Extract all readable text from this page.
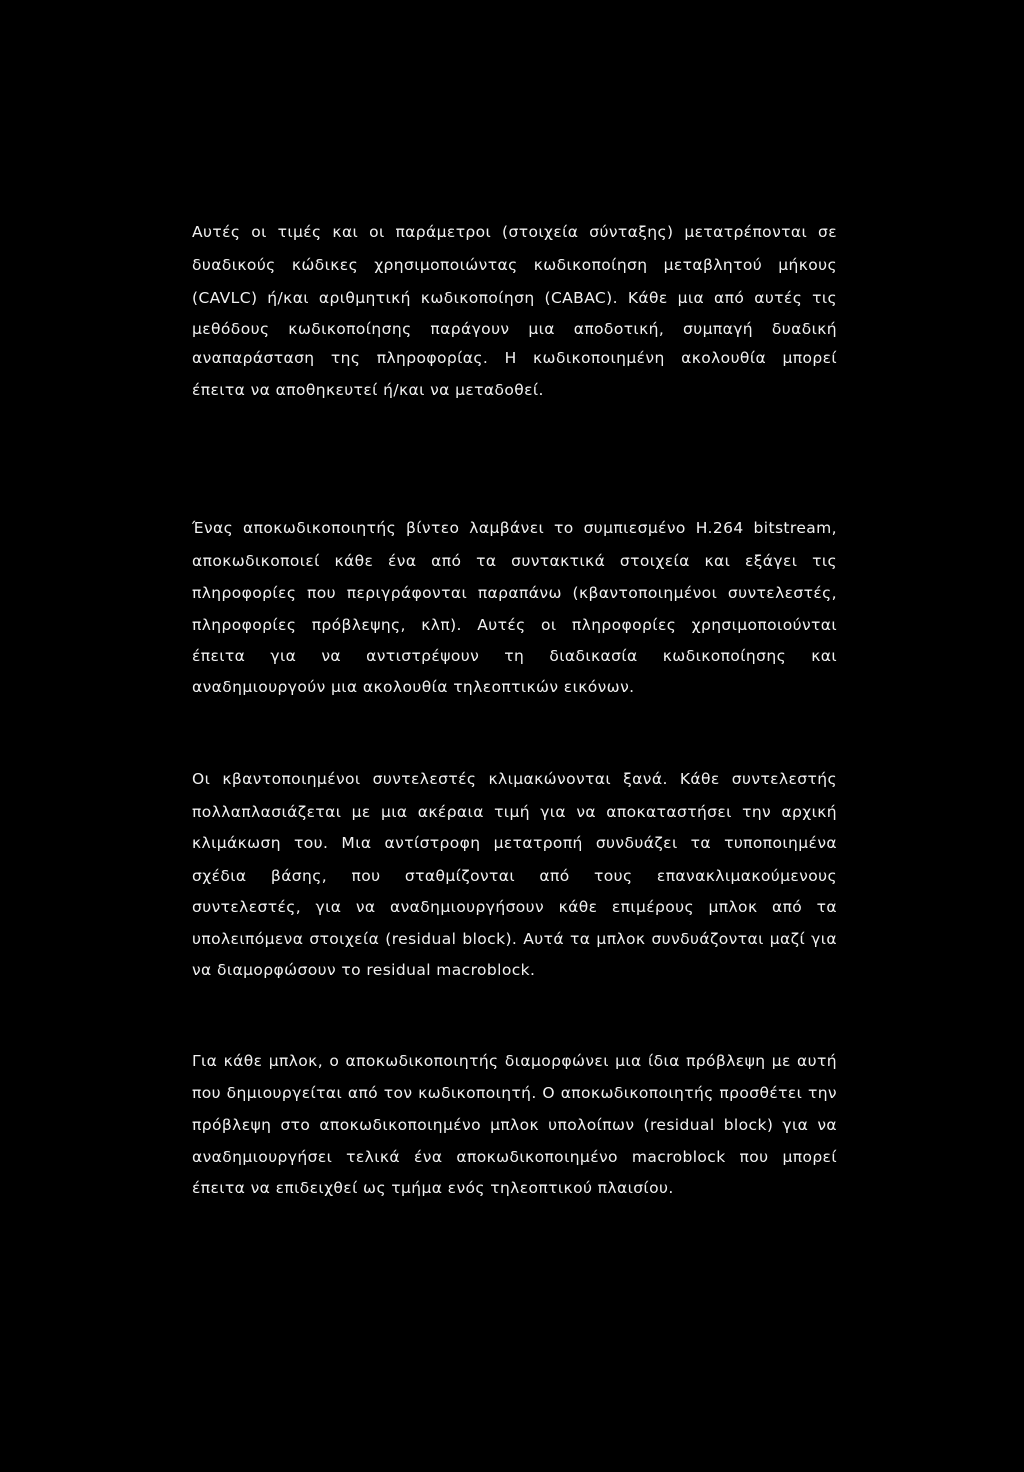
Αυτές οι τιμές και οι παράμετροι (στοιχεία σύνταξης) μετατρέπονται σε
δυαδικούς κώδικες χρησιμοποιώντας κωδικοποίηση μεταβλητού μήκους
(CAVLC) ή/και αριθμητική κωδικοποίηση (CABAC). Κάθε μια από αυτές τις
μεθόδους κωδικοποίησης παράγουν μια αποδοτική, συμπαγή δυαδική
αναπαράσταση της πληροφορίας. Η κωδικοποιημένη ακολουθία μπορεί
έπειτα να αποθηκευτεί ή/και να μεταδοθεί.
Ένας αποκωδικοποιητής βίντεο λαμβάνει το συμπιεσμένο H.264 bitstream,
αποκωδικοποιεί κάθε ένα από τα συντακτικά στοιχεία και εξάγει τις
πληροφορίες που περιγράφονται παραπάνω (κβαντοποιημένοι συντελεστές,
πληροφορίες πρόβλεψης, κλπ). Αυτές οι πληροφορίες χρησιμοποιούνται
έπειτα για να αντιστρέψουν τη διαδικασία κωδικοποίησης και
αναδημιουργούν μια ακολουθία τηλεοπτικών εικόνων.
Οι κβαντοποιημένοι συντελεστές κλιμακώνονται ξανά. Κάθε συντελεστής
πολλαπλασιάζεται με μια ακέραια τιμή για να αποκαταστήσει την αρχική
κλιμάκωση του. Μια αντίστροφη μετατροπή συνδυάζει τα τυποποιημένα
σχέδια βάσης, που σταθμίζονται από τους επανακλιμακούμενους
συντελεστές, για να αναδημιουργήσουν κάθε επιμέρους μπλοκ από τα
υπολειπόμενα στοιχεία (residual block). Αυτά τα μπλοκ συνδυάζονται μαζί για
να διαμορφώσουν το residual macroblock.
Για κάθε μπλοκ, ο αποκωδικοποιητής διαμορφώνει μια ίδια πρόβλεψη με αυτή
που δημιουργείται από τον κωδικοποιητή. Ο αποκωδικοποιητής προσθέτει την
πρόβλεψη στο αποκωδικοποιημένο μπλοκ υπολοίπων (residual block) για να
αναδημιουργήσει τελικά ένα αποκωδικοποιημένο macroblock που μπορεί
έπειτα να επιδειχθεί ως τμήμα ενός τηλεοπτικού πλαισίου.
